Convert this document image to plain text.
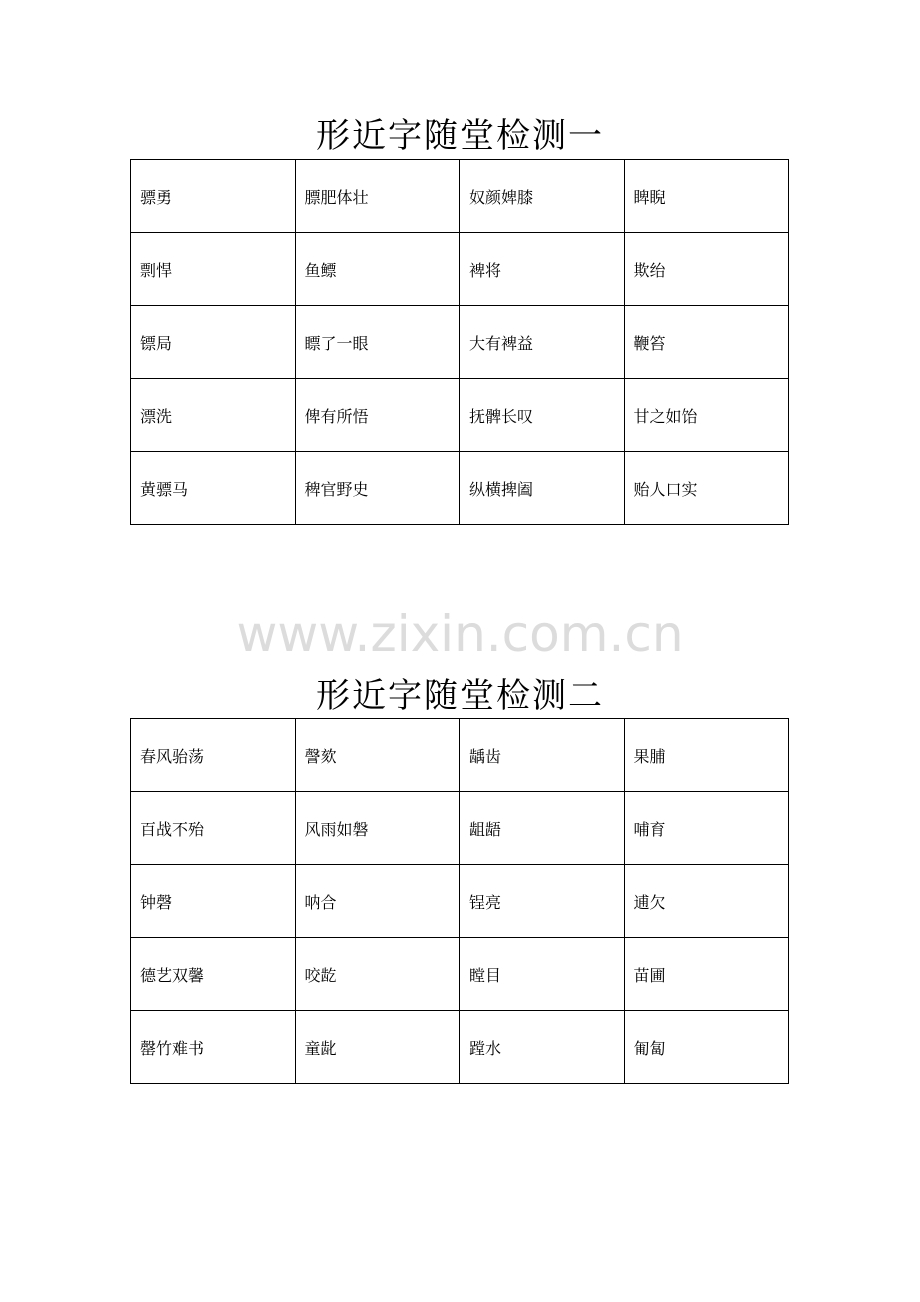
形近字随堂检测一
骠勇	膘肥体壮	奴颜婢膝	睥睨
剽悍	鱼鳔	裨将	欺绐
镖局	瞟了一眼	大有裨益	鞭笞
漂洗	俾有所悟	抚髀长叹	甘之如饴
黄骠马	稗官野史	纵横捭阖	贻人口实
www.zixin.com.cn
形近字随堂检测二
春风骀荡	謦欬	龋齿	果脯
百战不殆	风雨如磐	龃龉	哺育
钟磬	呐合	锃亮	逋欠
德艺双馨	咬龁	瞠目	苗圃
罄竹难书	童龀	蹚水	匍匐
